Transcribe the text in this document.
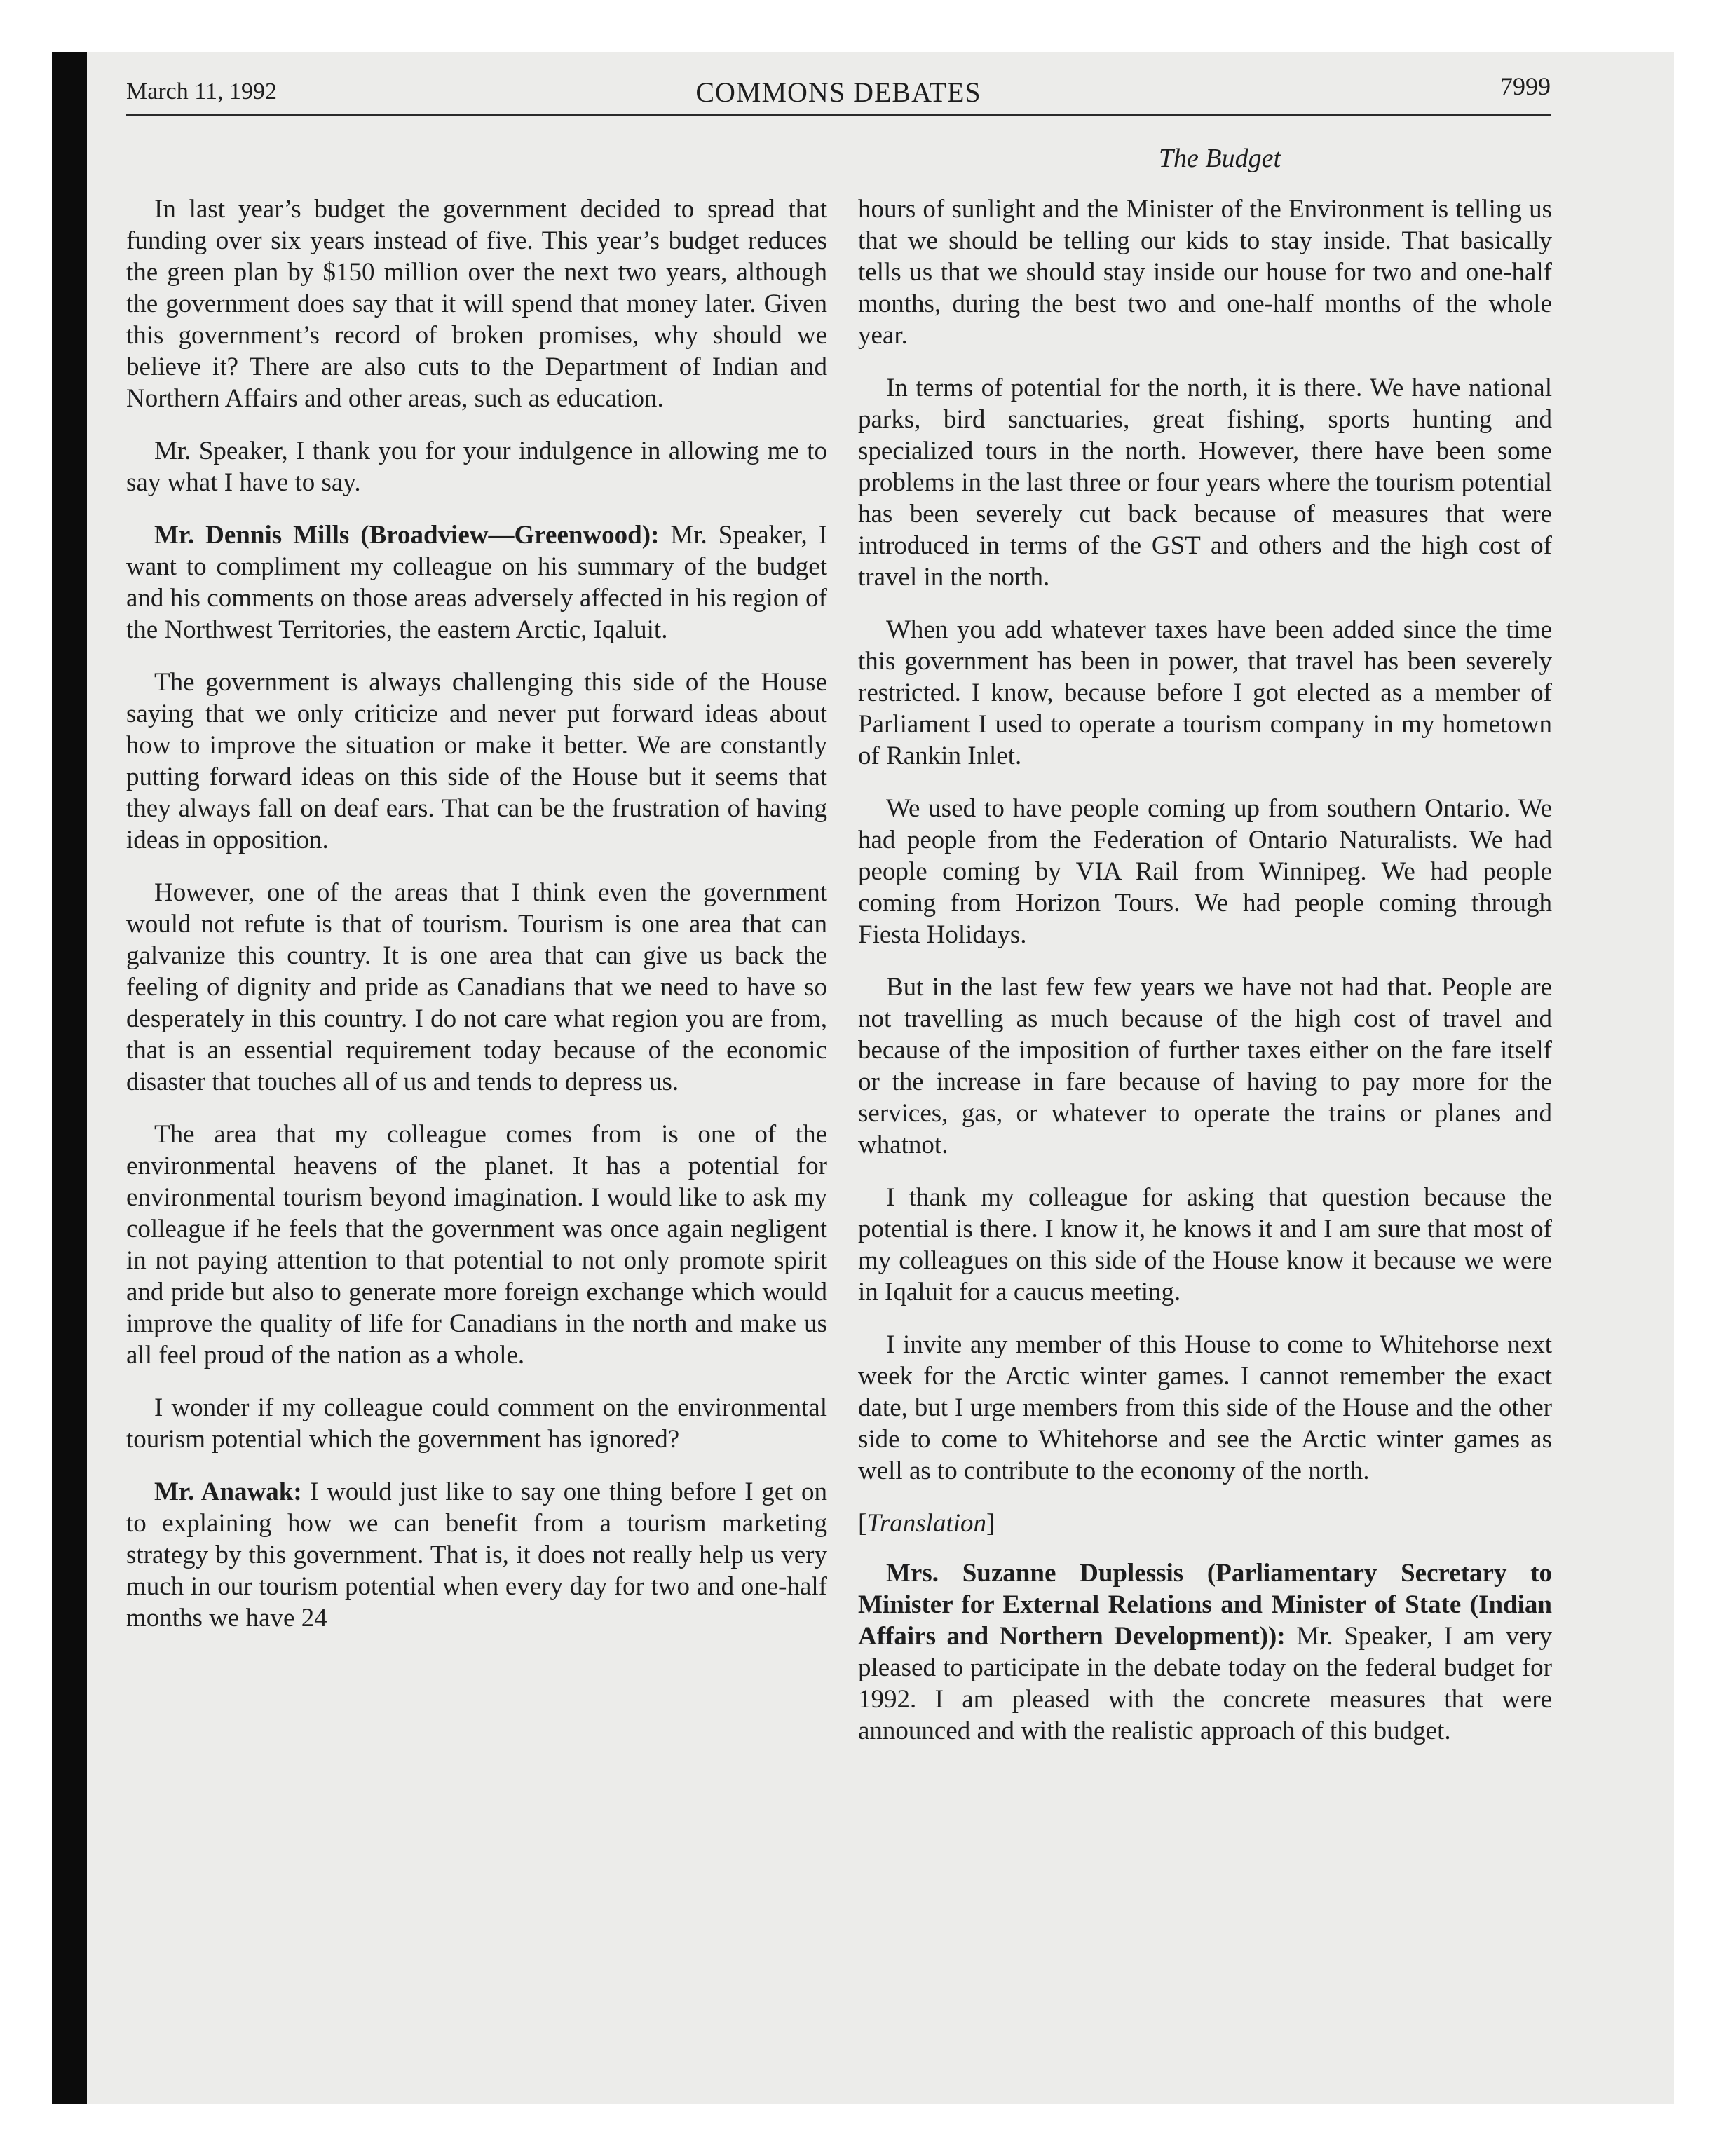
March 11, 1992	COMMONS DEBATES	7999
The Budget

In last year’s budget the government decided to spread that funding over six years instead of five. This year’s budget reduces the green plan by $150 million over the next two years, although the government does say that it will spend that money later. Given this government’s record of broken promises, why should we believe it? There are also cuts to the Department of Indian and Northern Affairs and other areas, such as education.

Mr. Speaker, I thank you for your indulgence in allowing me to say what I have to say.

Mr. Dennis Mills (Broadview—Greenwood): Mr. Speaker, I want to compliment my colleague on his summary of the budget and his comments on those areas adversely affected in his region of the Northwest Territories, the eastern Arctic, Iqaluit.

The government is always challenging this side of the House saying that we only criticize and never put forward ideas about how to improve the situation or make it better. We are constantly putting forward ideas on this side of the House but it seems that they always fall on deaf ears. That can be the frustration of having ideas in opposition.

However, one of the areas that I think even the government would not refute is that of tourism. Tourism is one area that can galvanize this country. It is one area that can give us back the feeling of dignity and pride as Canadians that we need to have so desperately in this country. I do not care what region you are from, that is an essential requirement today because of the economic disaster that touches all of us and tends to depress us.

The area that my colleague comes from is one of the environmental heavens of the planet. It has a potential for environmental tourism beyond imagination. I would like to ask my colleague if he feels that the government was once again negligent in not paying attention to that potential to not only promote spirit and pride but also to generate more foreign exchange which would improve the quality of life for Canadians in the north and make us all feel proud of the nation as a whole.

I wonder if my colleague could comment on the environmental tourism potential which the government has ignored?

Mr. Anawak: I would just like to say one thing before I get on to explaining how we can benefit from a tourism marketing strategy by this government. That is, it does not really help us very much in our tourism potential when every day for two and one-half months we have 24

hours of sunlight and the Minister of the Environment is telling us that we should be telling our kids to stay inside. That basically tells us that we should stay inside our house for two and one-half months, during the best two and one-half months of the whole year.

In terms of potential for the north, it is there. We have national parks, bird sanctuaries, great fishing, sports hunting and specialized tours in the north. However, there have been some problems in the last three or four years where the tourism potential has been severely cut back because of measures that were introduced in terms of the GST and others and the high cost of travel in the north.

When you add whatever taxes have been added since the time this government has been in power, that travel has been severely restricted. I know, because before I got elected as a member of Parliament I used to operate a tourism company in my hometown of Rankin Inlet.

We used to have people coming up from southern Ontario. We had people from the Federation of Ontario Naturalists. We had people coming by VIA Rail from Winnipeg. We had people coming from Horizon Tours. We had people coming through Fiesta Holidays.

But in the last few few years we have not had that. People are not travelling as much because of the high cost of travel and because of the imposition of further taxes either on the fare itself or the increase in fare because of having to pay more for the services, gas, or whatever to operate the trains or planes and whatnot.

I thank my colleague for asking that question because the potential is there. I know it, he knows it and I am sure that most of my colleagues on this side of the House know it because we were in Iqaluit for a caucus meeting.

I invite any member of this House to come to Whitehorse next week for the Arctic winter games. I cannot remember the exact date, but I urge members from this side of the House and the other side to come to Whitehorse and see the Arctic winter games as well as to contribute to the economy of the north.

[Translation]

Mrs. Suzanne Duplessis (Parliamentary Secretary to Minister for External Relations and Minister of State (Indian Affairs and Northern Development)): Mr. Speaker, I am very pleased to participate in the debate today on the federal budget for 1992. I am pleased with the concrete measures that were announced and with the realistic approach of this budget.
